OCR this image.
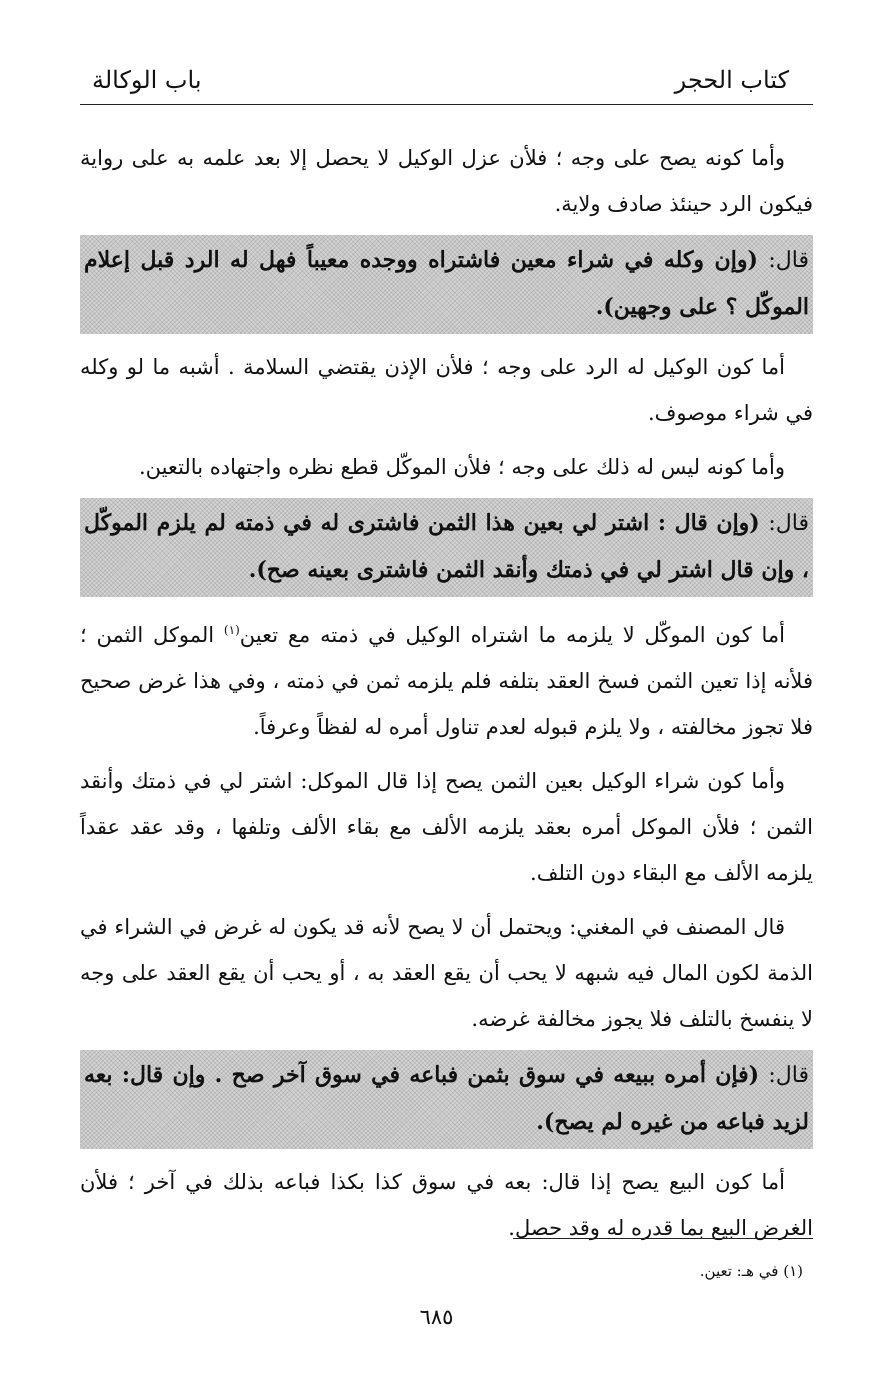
كتاب الحجر
باب الوكالة

وأما كونه يصح على وجه ؛ فلأن عزل الوكيل لا يحصل إلا بعد علمه به على رواية فيكون الرد حينئذ صادف ولاية.

قال: (وإن وكله في شراء معين فاشتراه ووجده معيباً فهل له الرد قبل إعلام الموكّل ؟ على وجهين).

أما كون الوكيل له الرد على وجه ؛ فلأن الإذن يقتضي السلامة . أشبه ما لو وكله في شراء موصوف.

وأما كونه ليس له ذلك على وجه ؛ فلأن الموكّل قطع نظره واجتهاده بالتعين.

قال: (وإن قال : اشتر لي بعين هذا الثمن فاشترى له في ذمته لم يلزم الموكّل ، وإن قال اشتر لي في ذمتك وأنقد الثمن فاشترى بعينه صح).

أما كون الموكّل لا يلزمه ما اشتراه الوكيل في ذمته مع تعين$^{(١)}$ الموكل الثمن ؛ فلأنه إذا تعين الثمن فسخ العقد بتلفه فلم يلزمه ثمن في ذمته ، وفي هذا غرض صحيح فلا تجوز مخالفته ، ولا يلزم قبوله لعدم تناول أمره له لفظاً وعرفاً.

وأما كون شراء الوكيل بعين الثمن يصح إذا قال الموكل: اشتر لي في ذمتك وأنقد الثمن ؛ فلأن الموكل أمره بعقد يلزمه الألف مع بقاء الألف وتلفها ، وقد عقد عقداً يلزمه الألف مع البقاء دون التلف.

قال المصنف في المغني: ويحتمل أن لا يصح لأنه قد يكون له غرض في الشراء في الذمة لكون المال فيه شبهه لا يحب أن يقع العقد به ، أو يحب أن يقع العقد على وجه لا ينفسخ بالتلف فلا يجوز مخالفة غرضه.

قال: (فإن أمره ببيعه في سوق بثمن فباعه في سوق آخر صح . وإن قال: بعه لزيد فباعه من غيره لم يصح).

أما كون البيع يصح إذا قال: بعه في سوق كذا بكذا فباعه بذلك في آخر ؛ فلأن الغرض البيع بما قدره له وقد حصل.

(١) في هـ: تعين.
٦٨٥
